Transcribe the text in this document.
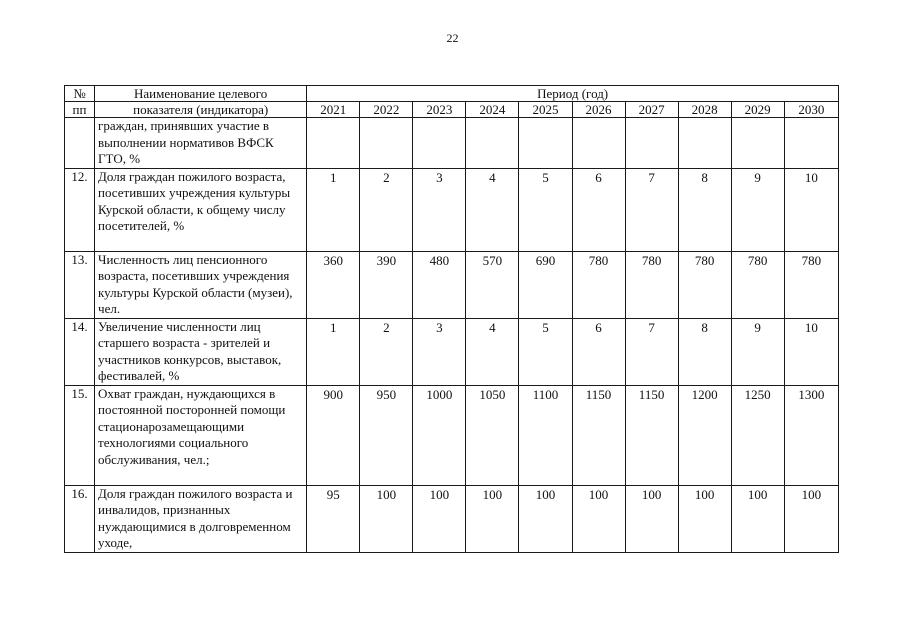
22
№	Наименование целевого	Период (год)									
пп	показателя (индикатора)	2021	2022	2023	2024	2025	2026	2027	2028	2029	2030

	граждан, принявших участие в выполнении нормативов ВФСК ГТО, %										

12.	Доля граждан пожилого возраста, посетивших учреждения культуры Курской области, к общему числу посетителей, %	1	2	3	4	5	6	7	8	9	10
13.	Численность лиц пенсионного возраста, посетивших учреждения культуры Курской области (музеи), чел.	360	390	480	570	690	780	780	780	780	780
14.	Увеличение численности лиц старшего возраста - зрителей и участников конкурсов, выставок, фестивалей, %	1	2	3	4	5	6	7	8	9	10
15.	Охват граждан, нуждающихся в постоянной посторонней помощи стационарозамещающими технологиями социального обслуживания, чел.;	900	950	1000	1050	1100	1150	1150	1200	1250	1300
16.	Доля граждан пожилого возраста и инвалидов, признанных нуждающимися в долговременном уходе,	95	100	100	100	100	100	100	100	100	100
